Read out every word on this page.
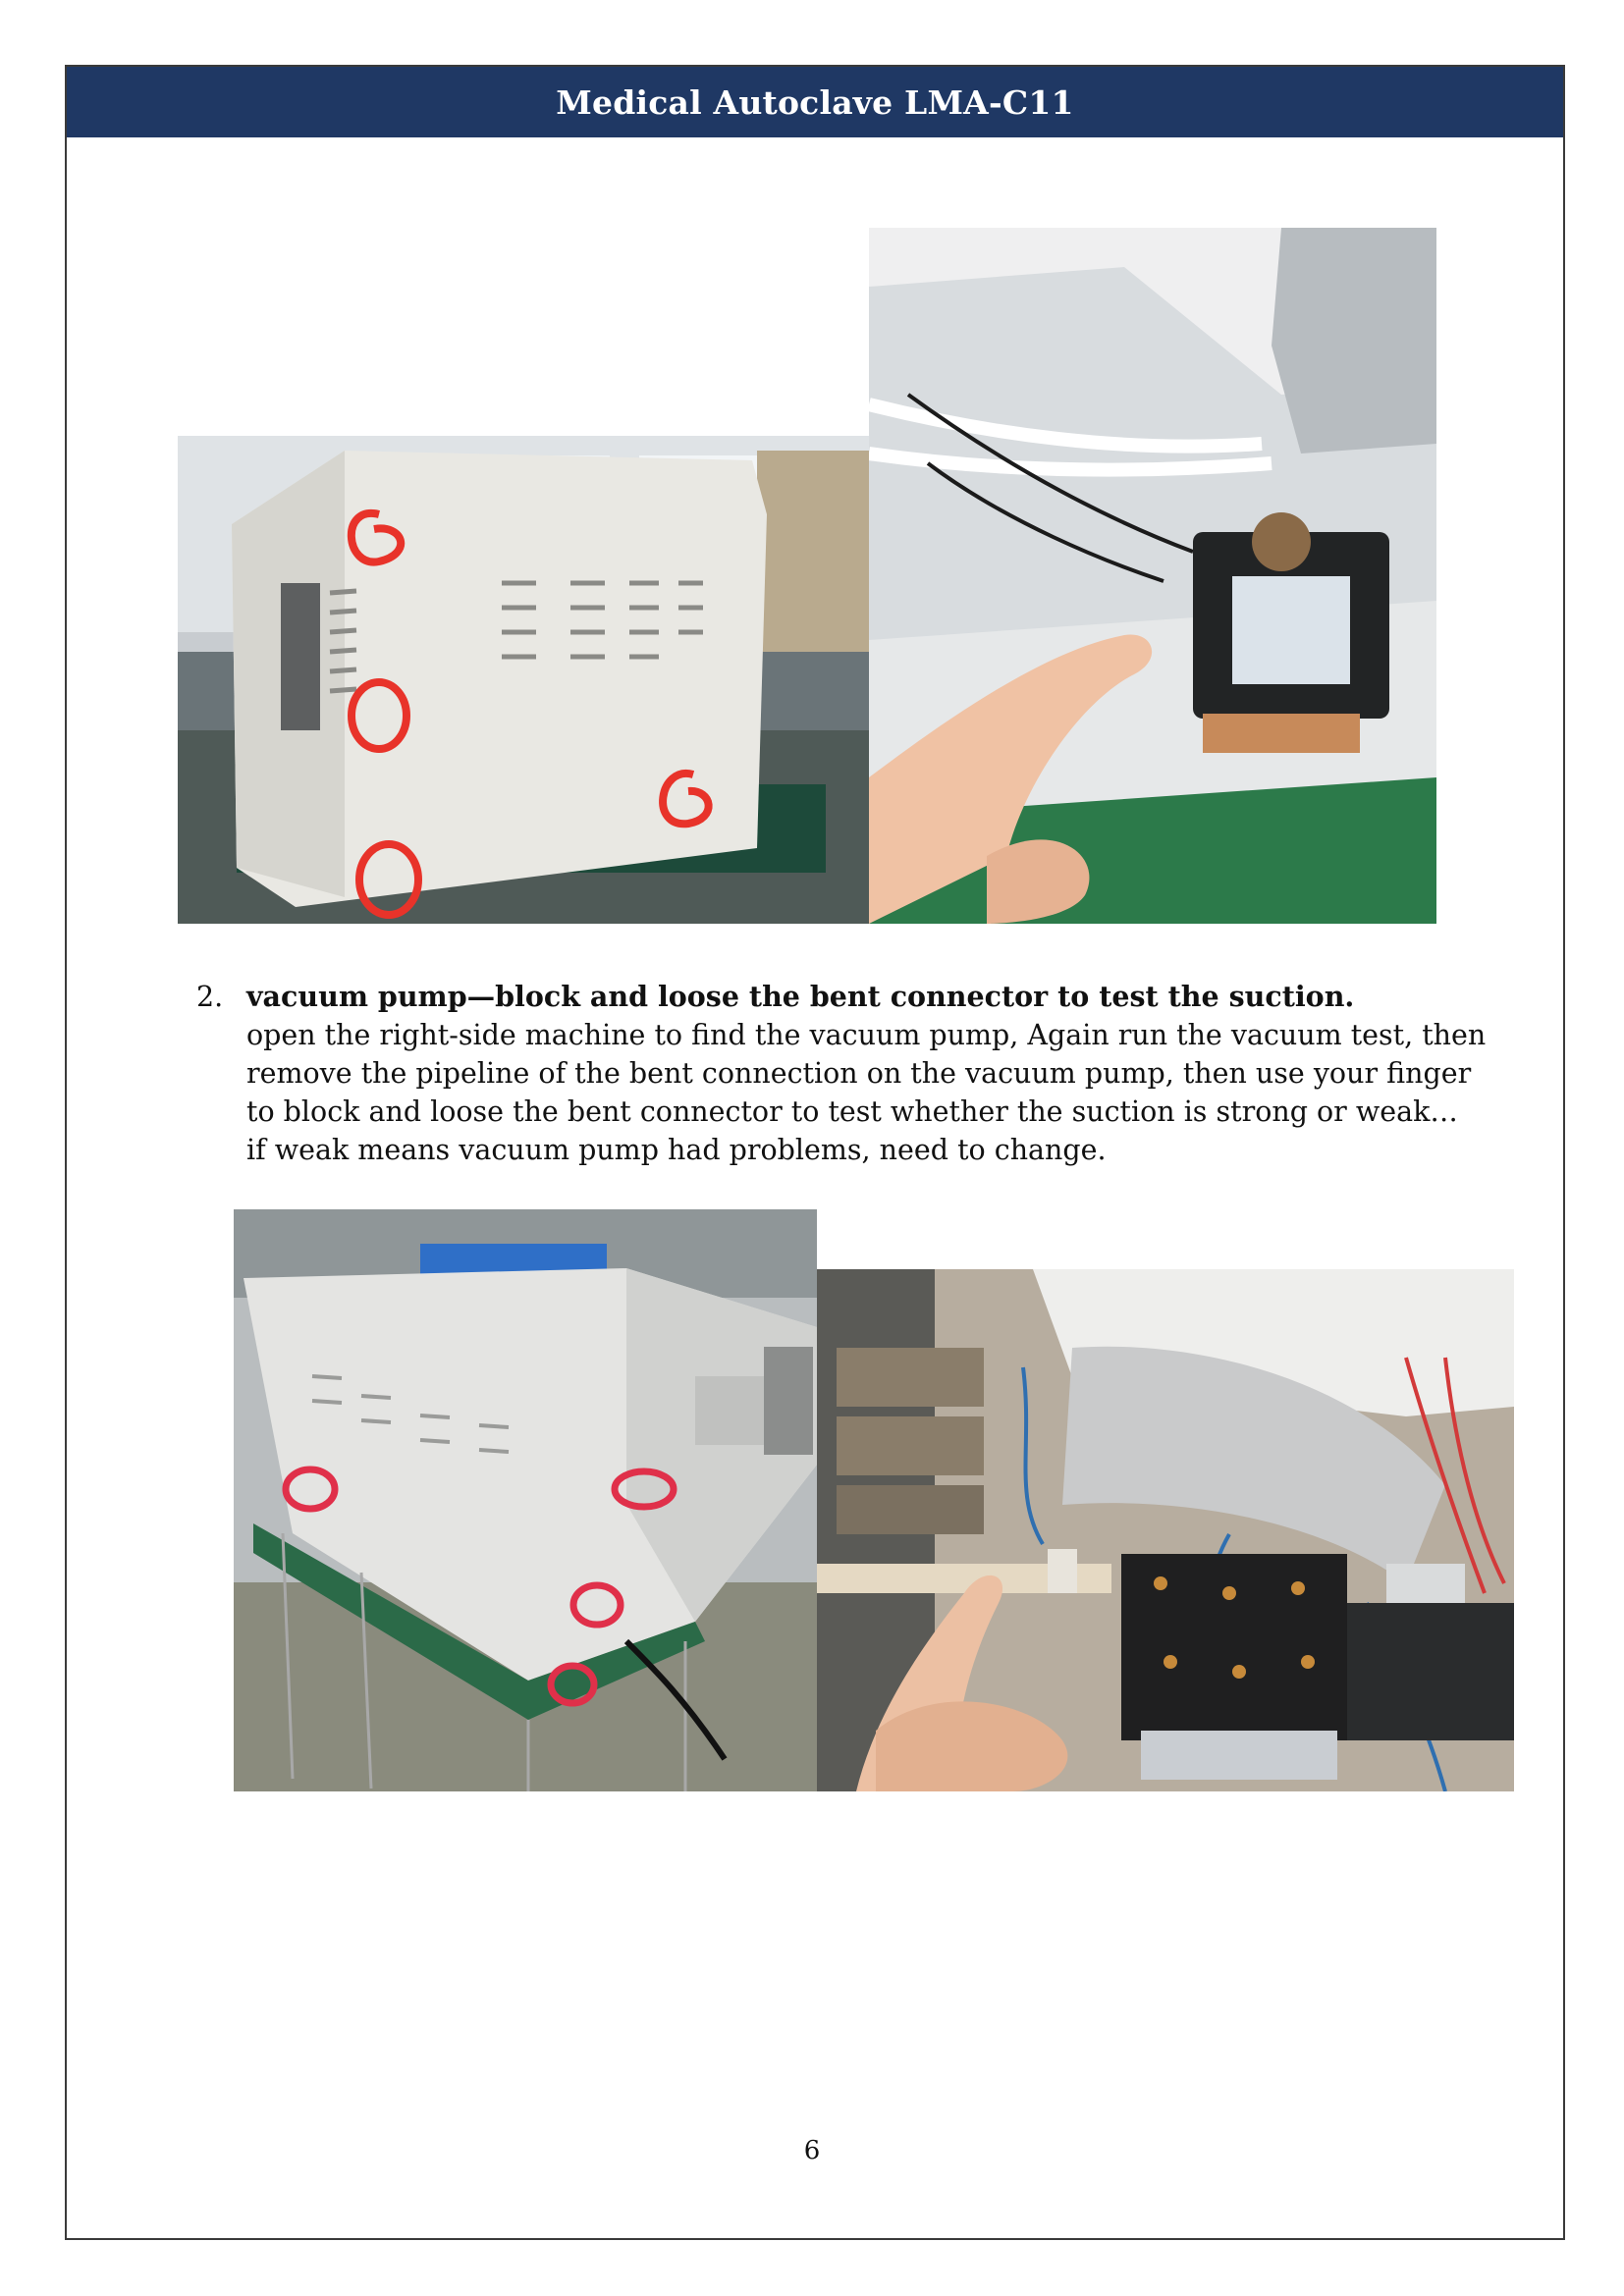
Medical Autoclave LMA-C11
2. vacuum pump—block and loose the bent connector to test the suction.
open the right-side machine to find the vacuum pump, Again run the vacuum test, then
remove the pipeline of the bent connection on the vacuum pump, then use your finger
to block and loose the bent connector to test whether the suction is strong or weak…
if weak means vacuum pump had problems, need to change.
6
